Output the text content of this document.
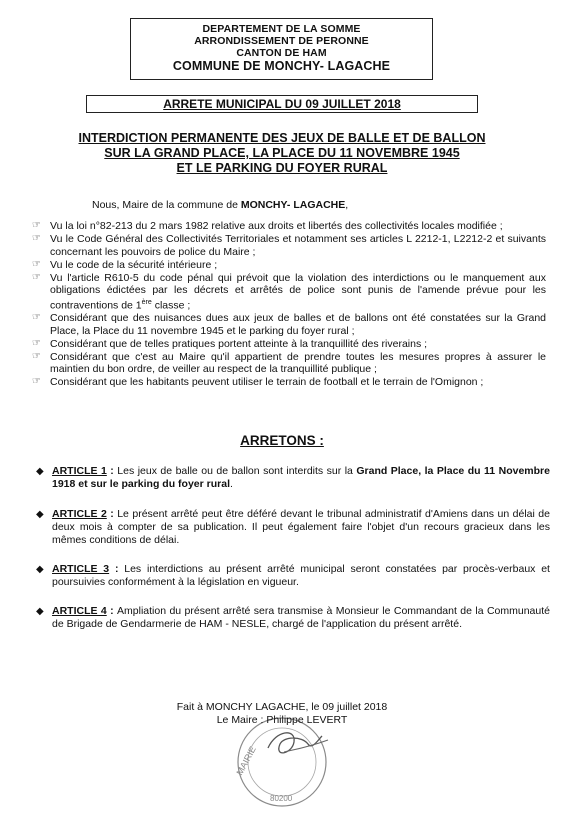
DEPARTEMENT DE LA SOMME
ARRONDISSEMENT DE PERONNE
CANTON DE HAM
COMMUNE DE MONCHY- LAGACHE
ARRETE MUNICIPAL DU 09 JUILLET 2018
INTERDICTION PERMANENTE DES JEUX DE BALLE ET DE BALLON
SUR LA GRAND PLACE, LA PLACE DU 11 NOVEMBRE 1945
ET LE PARKING DU FOYER RURAL
Nous, Maire de la commune de MONCHY- LAGACHE,
☞ Vu la loi n°82-213 du 2 mars 1982 relative aux droits et libertés des collectivités locales modifiée ;
☞ Vu le Code Général des Collectivités Territoriales et notamment ses articles L 2212-1, L2212-2 et suivants concernant les pouvoirs de police du Maire ;
☞ Vu le code de la sécurité intérieure ;
☞ Vu l'article R610-5 du code pénal qui prévoit que la violation des interdictions ou le manquement aux obligations édictées par les décrets et arrêtés de police sont punis de l'amende prévue pour les contraventions de 1ère classe ;
☞ Considérant que des nuisances dues aux jeux de balles et de ballons ont été constatées sur la Grand Place, la Place du 11 novembre 1945 et le parking du foyer rural ;
☞ Considérant que de telles pratiques portent atteinte à la tranquillité des riverains ;
☞ Considérant que c'est au Maire qu'il appartient de prendre toutes les mesures propres à assurer le maintien du bon ordre, de veiller au respect de la tranquillité publique ;
☞ Considérant que les habitants peuvent utiliser le terrain de football et le terrain de l'Omignon ;
ARRETONS :
◆ ARTICLE 1 : Les jeux de balle ou de ballon sont interdits sur la Grand Place, la Place du 11 Novembre 1918 et sur le parking du foyer rural.
◆ ARTICLE 2 : Le présent arrêté peut être déféré devant le tribunal administratif d'Amiens dans un délai de deux mois à compter de sa publication. Il peut également faire l'objet d'un recours gracieux dans les mêmes conditions de délai.
◆ ARTICLE 3 : Les interdictions au présent arrêté municipal seront constatées par procès-verbaux et poursuivies conformément à la législation en vigueur.
◆ ARTICLE 4 : Ampliation du présent arrêté sera transmise à Monsieur le Commandant de la Communauté de Brigade de Gendarmerie de HAM - NESLE, chargé de l'application du présent arrêté.
MAIRIE
80200
Fait à MONCHY LAGACHE, le 09 juillet 2018
Le Maire : Philippe LEVERT
